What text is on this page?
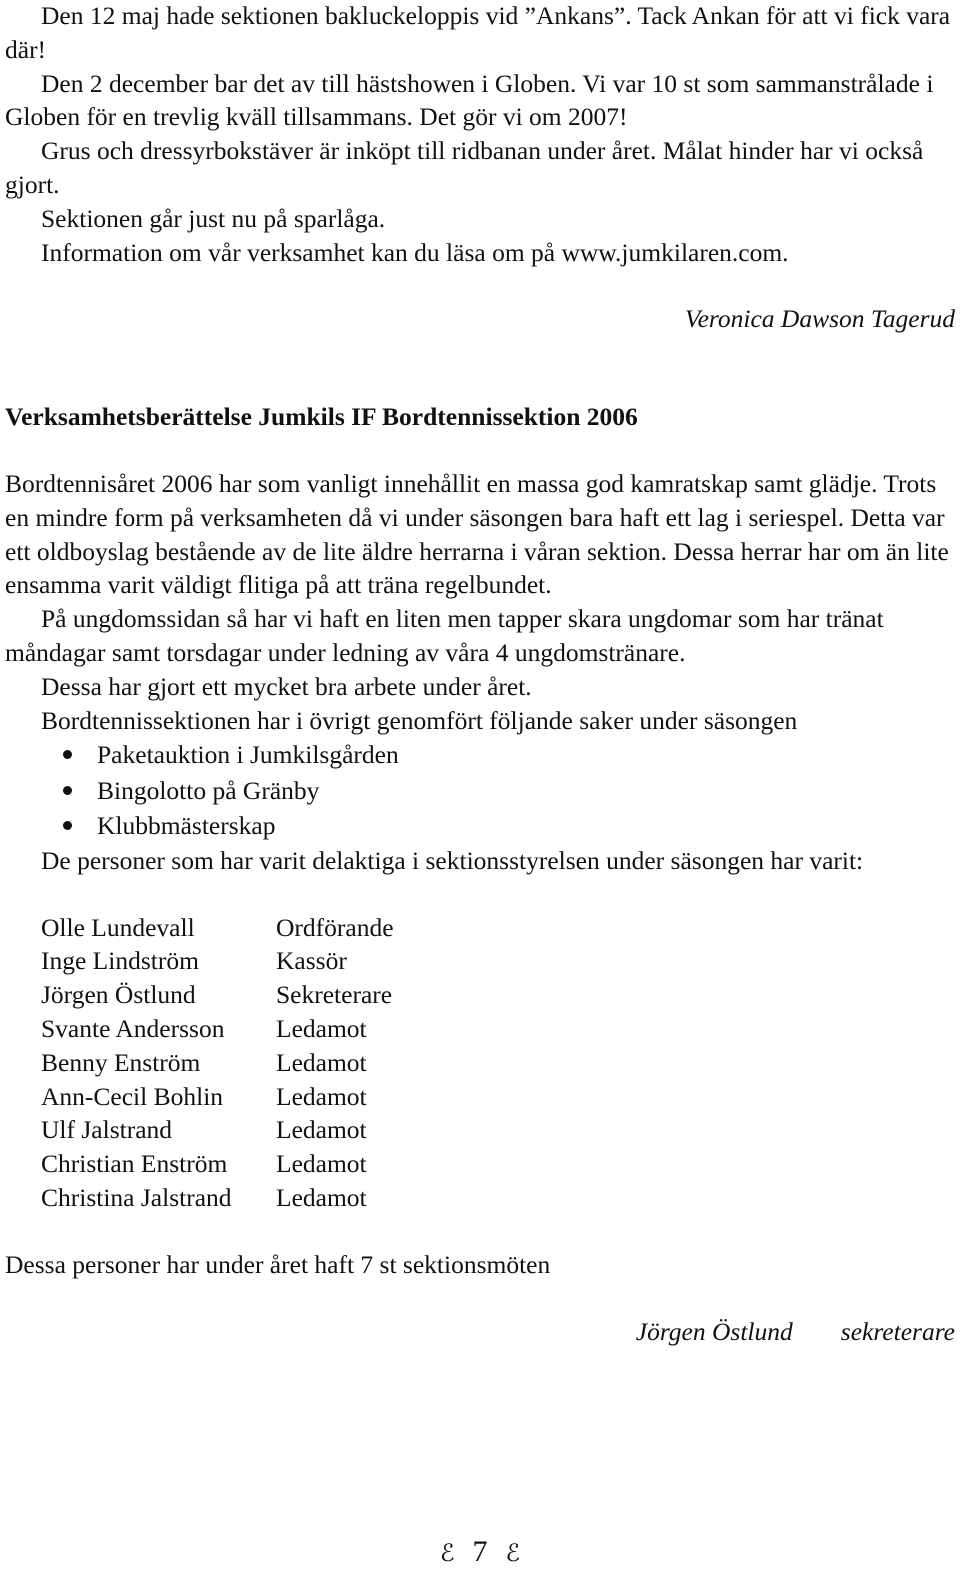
Den 12 maj hade sektionen bakluckeloppis vid ”Ankans”. Tack Ankan för att vi fick vara där!

Den 2 december bar det av till hästshowen i Globen. Vi var 10 st som sammanstrålade i Globen för en trevlig kväll tillsammans. Det gör vi om 2007!

Grus och dressyrbokstäver är inköpt till ridbanan under året. Målat hinder har vi också gjort.

Sektionen går just nu på sparlåga.

Information om vår verksamhet kan du läsa om på www.jumkilaren.com.

Veronica Dawson Tagerud

Verksamhetsberättelse Jumkils IF Bordtennissektion 2006

Bordtennisåret 2006 har som vanligt innehållit en massa god kamratskap samt glädje. Trots en mindre form på verksamheten då vi under säsongen bara haft ett lag i seriespel. Detta var ett oldboyslag bestående av de lite äldre herrarna i våran sektion. Dessa herrar har om än lite ensamma varit väldigt flitiga på att träna regelbundet.

På ungdomssidan så har vi haft en liten men tapper skara ungdomar som har tränat måndagar samt torsdagar under ledning av våra 4 ungdomstränare.

Dessa har gjort ett mycket bra arbete under året.

Bordtennissektionen har i övrigt genomfört följande saker under säsongen

Paketauktion i Jumkilsgården
Bingolotto på Gränby
Klubbmästerskap

De personer som har varit delaktiga i sektionsstyrelsen under säsongen har varit:

Olle Lundevall	Ordförande
Inge Lindström	Kassör
Jörgen Östlund	Sekreterare
Svante Andersson	Ledamot
Benny Enström	Ledamot
Ann-Cecil Bohlin	Ledamot
Ulf Jalstrand	Ledamot
Christian Enström	Ledamot
Christina Jalstrand	Ledamot

Dessa personer har under året haft 7 st sektionsmöten

Jörgen Östlund sekreterare

ℰ 7 ℰ
